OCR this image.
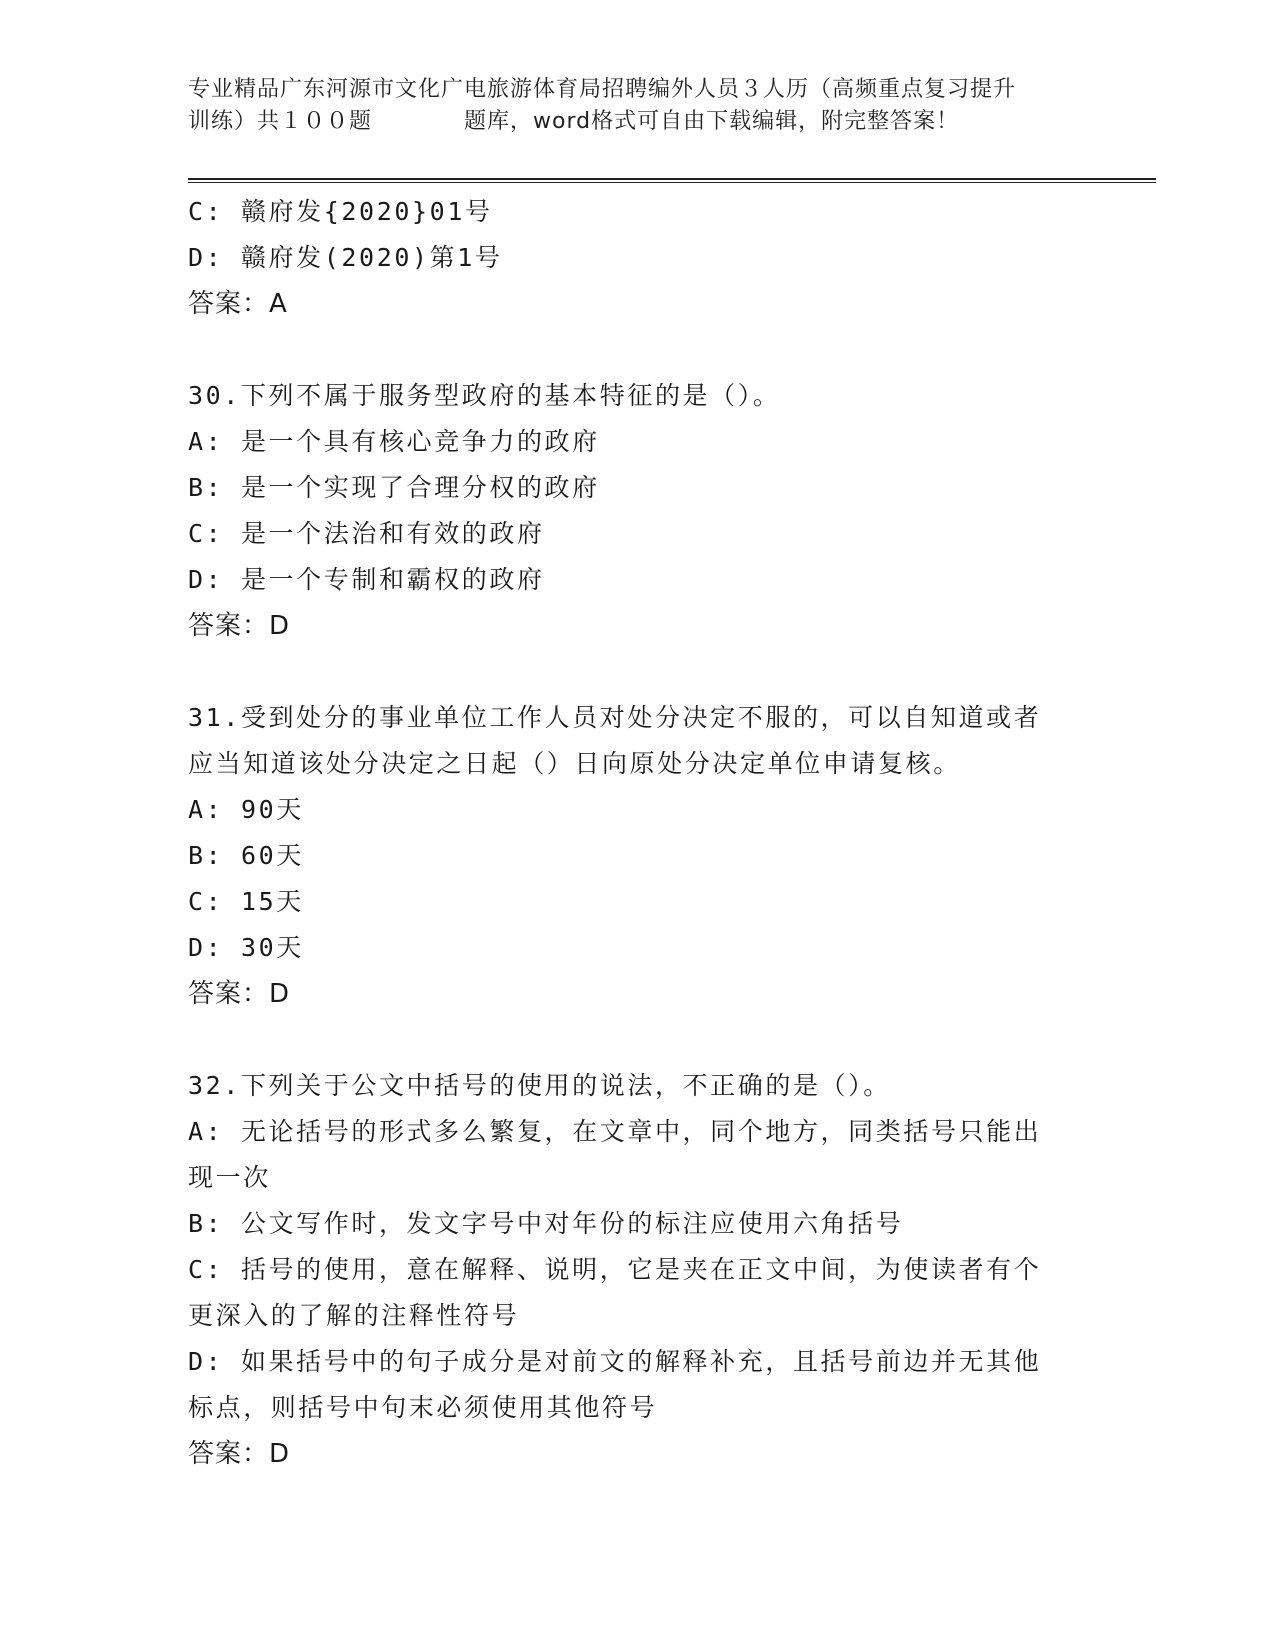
专业精品广东河源市文化广电旅游体育局招聘编外人员３人历（高频重点复习提升
训练）共１００题　　　　题库，word格式可自由下载编辑，附完整答案！
C: 赣府发{2020}01号
D: 赣府发(2020)第1号
答案：A
30.下列不属于服务型政府的基本特征的是（）。
A: 是一个具有核心竞争力的政府
B: 是一个实现了合理分权的政府
C: 是一个法治和有效的政府
D: 是一个专制和霸权的政府
答案：D
31.受到处分的事业单位工作人员对处分决定不服的，可以自知道或者
应当知道该处分决定之日起（）日向原处分决定单位申请复核。
A: 90天
B: 60天
C: 15天
D: 30天
答案：D
32.下列关于公文中括号的使用的说法，不正确的是（）。
A: 无论括号的形式多么繁复，在文章中，同个地方，同类括号只能出
现一次
B: 公文写作时，发文字号中对年份的标注应使用六角括号
C: 括号的使用，意在解释、说明，它是夹在正文中间，为使读者有个
更深入的了解的注释性符号
D: 如果括号中的句子成分是对前文的解释补充，且括号前边并无其他
标点，则括号中句末必须使用其他符号
答案：D
